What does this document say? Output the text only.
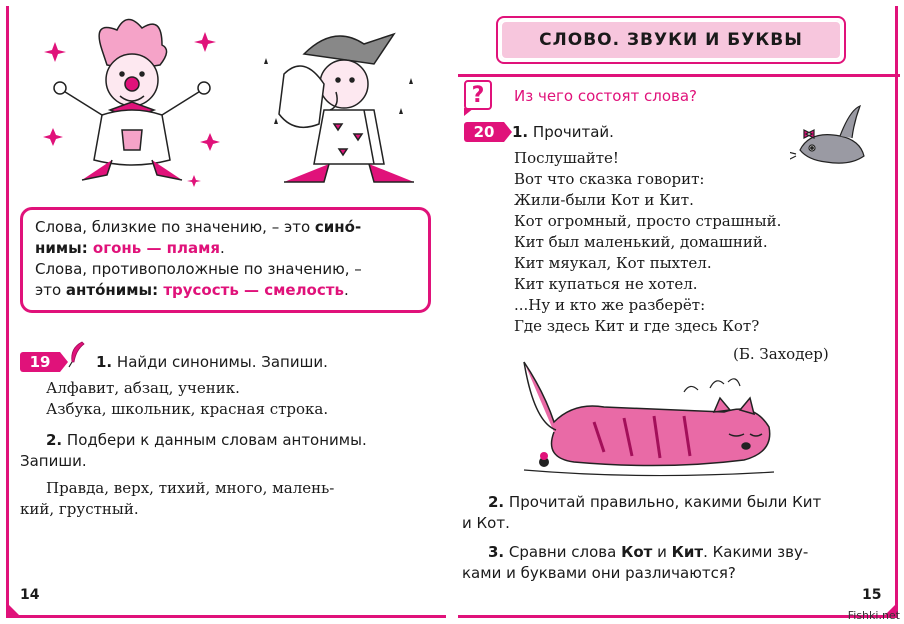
Слова, близкие по значению, – это сино́-
нимы: огонь — пламя.
Слова, противоположные по значению, –
это анто́нимы: трусость — смелость.
19	1. Найди синонимы. Запиши.
Алфавит, абзац, ученик.
Азбука, школьник, красная строка.
2. Подбери к данным словам антонимы.
Запиши.
Правда, верх, тихий, много, малень-
кий, грустный.
14
СЛОВО. ЗВУКИ И БУКВЫ
?	Из чего состоят слова?
20	1. Прочитай.
Послушайте!
Вот что сказка говорит:
Жили-были Кот и Кит.
Кот огромный, просто страшный.
Кит был маленький, домашний.
Кит мяукал, Кот пыхтел.
Кит купаться не хотел.
...Ну и кто же разберёт:
Где здесь Кит и где здесь Кот?
(Б. Заходер)
2. Прочитай правильно, какими были Кит
и Кот.
3. Сравни слова Кот и Кит. Какими зву-
ками и буквами они различаются?
15
Fishki.net
